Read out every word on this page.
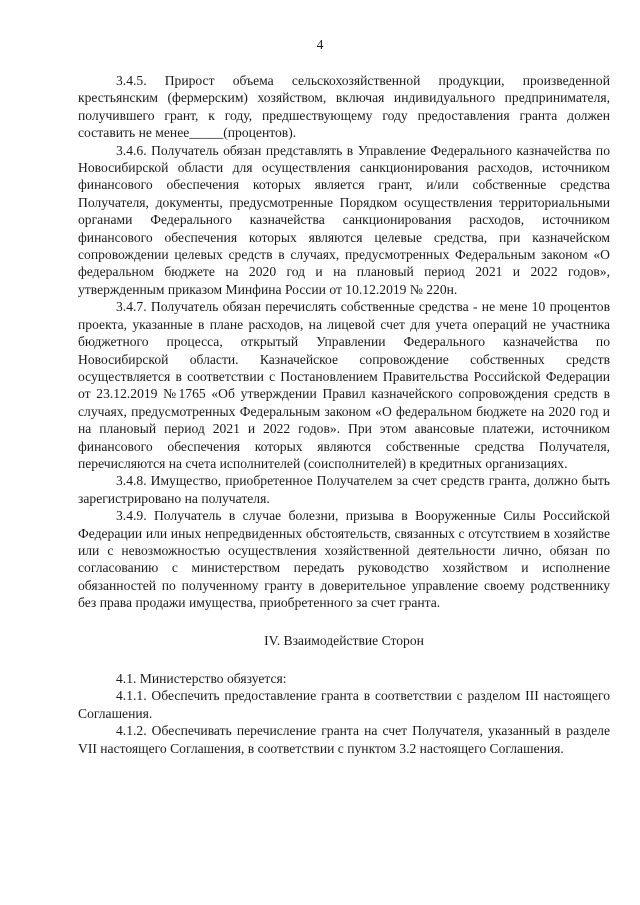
4

3.4.5. Прирост объема сельскохозяйственной продукции, произведенной крестьянским (фермерским) хозяйством, включая индивидуального предпринимателя, получившего грант, к году, предшествующему году предоставления гранта должен составить не менее_____(процентов).

3.4.6. Получатель обязан представлять в Управление Федерального казначейства по Новосибирской области для осуществления санкционирования расходов, источником финансового обеспечения которых является грант, и/или собственные средства Получателя, документы, предусмотренные Порядком осуществления территориальными органами Федерального казначейства санкционирования расходов, источником финансового обеспечения которых являются целевые средства, при казначейском сопровождении целевых средств в случаях, предусмотренных Федеральным законом «О федеральном бюджете на 2020 год и на плановый период 2021 и 2022 годов», утвержденным приказом Минфина России от 10.12.2019 № 220н.

3.4.7. Получатель обязан перечислять собственные средства - не мене 10 процентов проекта, указанные в плане расходов, на лицевой счет для учета операций не участника бюджетного процесса, открытый Управлении Федерального казначейства по Новосибирской области. Казначейское сопровождение собственных средств осуществляется в соответствии с Постановлением Правительства Российской Федерации от 23.12.2019 №1765 «Об утверждении Правил казначейского сопровождения средств в случаях, предусмотренных Федеральным законом «О федеральном бюджете на 2020 год и на плановый период 2021 и 2022 годов». При этом авансовые платежи, источником финансового обеспечения которых являются собственные средства Получателя, перечисляются на счета исполнителей (соисполнителей) в кредитных организациях.

3.4.8. Имущество, приобретенное Получателем за счет средств гранта, должно быть зарегистрировано на получателя.

3.4.9. Получатель в случае болезни, призыва в Вооруженные Силы Российской Федерации или иных непредвиденных обстоятельств, связанных с отсутствием в хозяйстве или с невозможностью осуществления хозяйственной деятельности лично, обязан по согласованию с министерством передать руководство хозяйством и исполнение обязанностей по полученному гранту в доверительное управление своему родственнику без права продажи имущества, приобретенного за счет гранта.

IV. Взаимодействие Сторон

4.1. Министерство обязуется:

4.1.1. Обеспечить предоставление гранта в соответствии с разделом III настоящего Соглашения.

4.1.2. Обеспечивать перечисление гранта на счет Получателя, указанный в разделе VII настоящего Соглашения, в соответствии с пунктом 3.2 настоящего Соглашения.
